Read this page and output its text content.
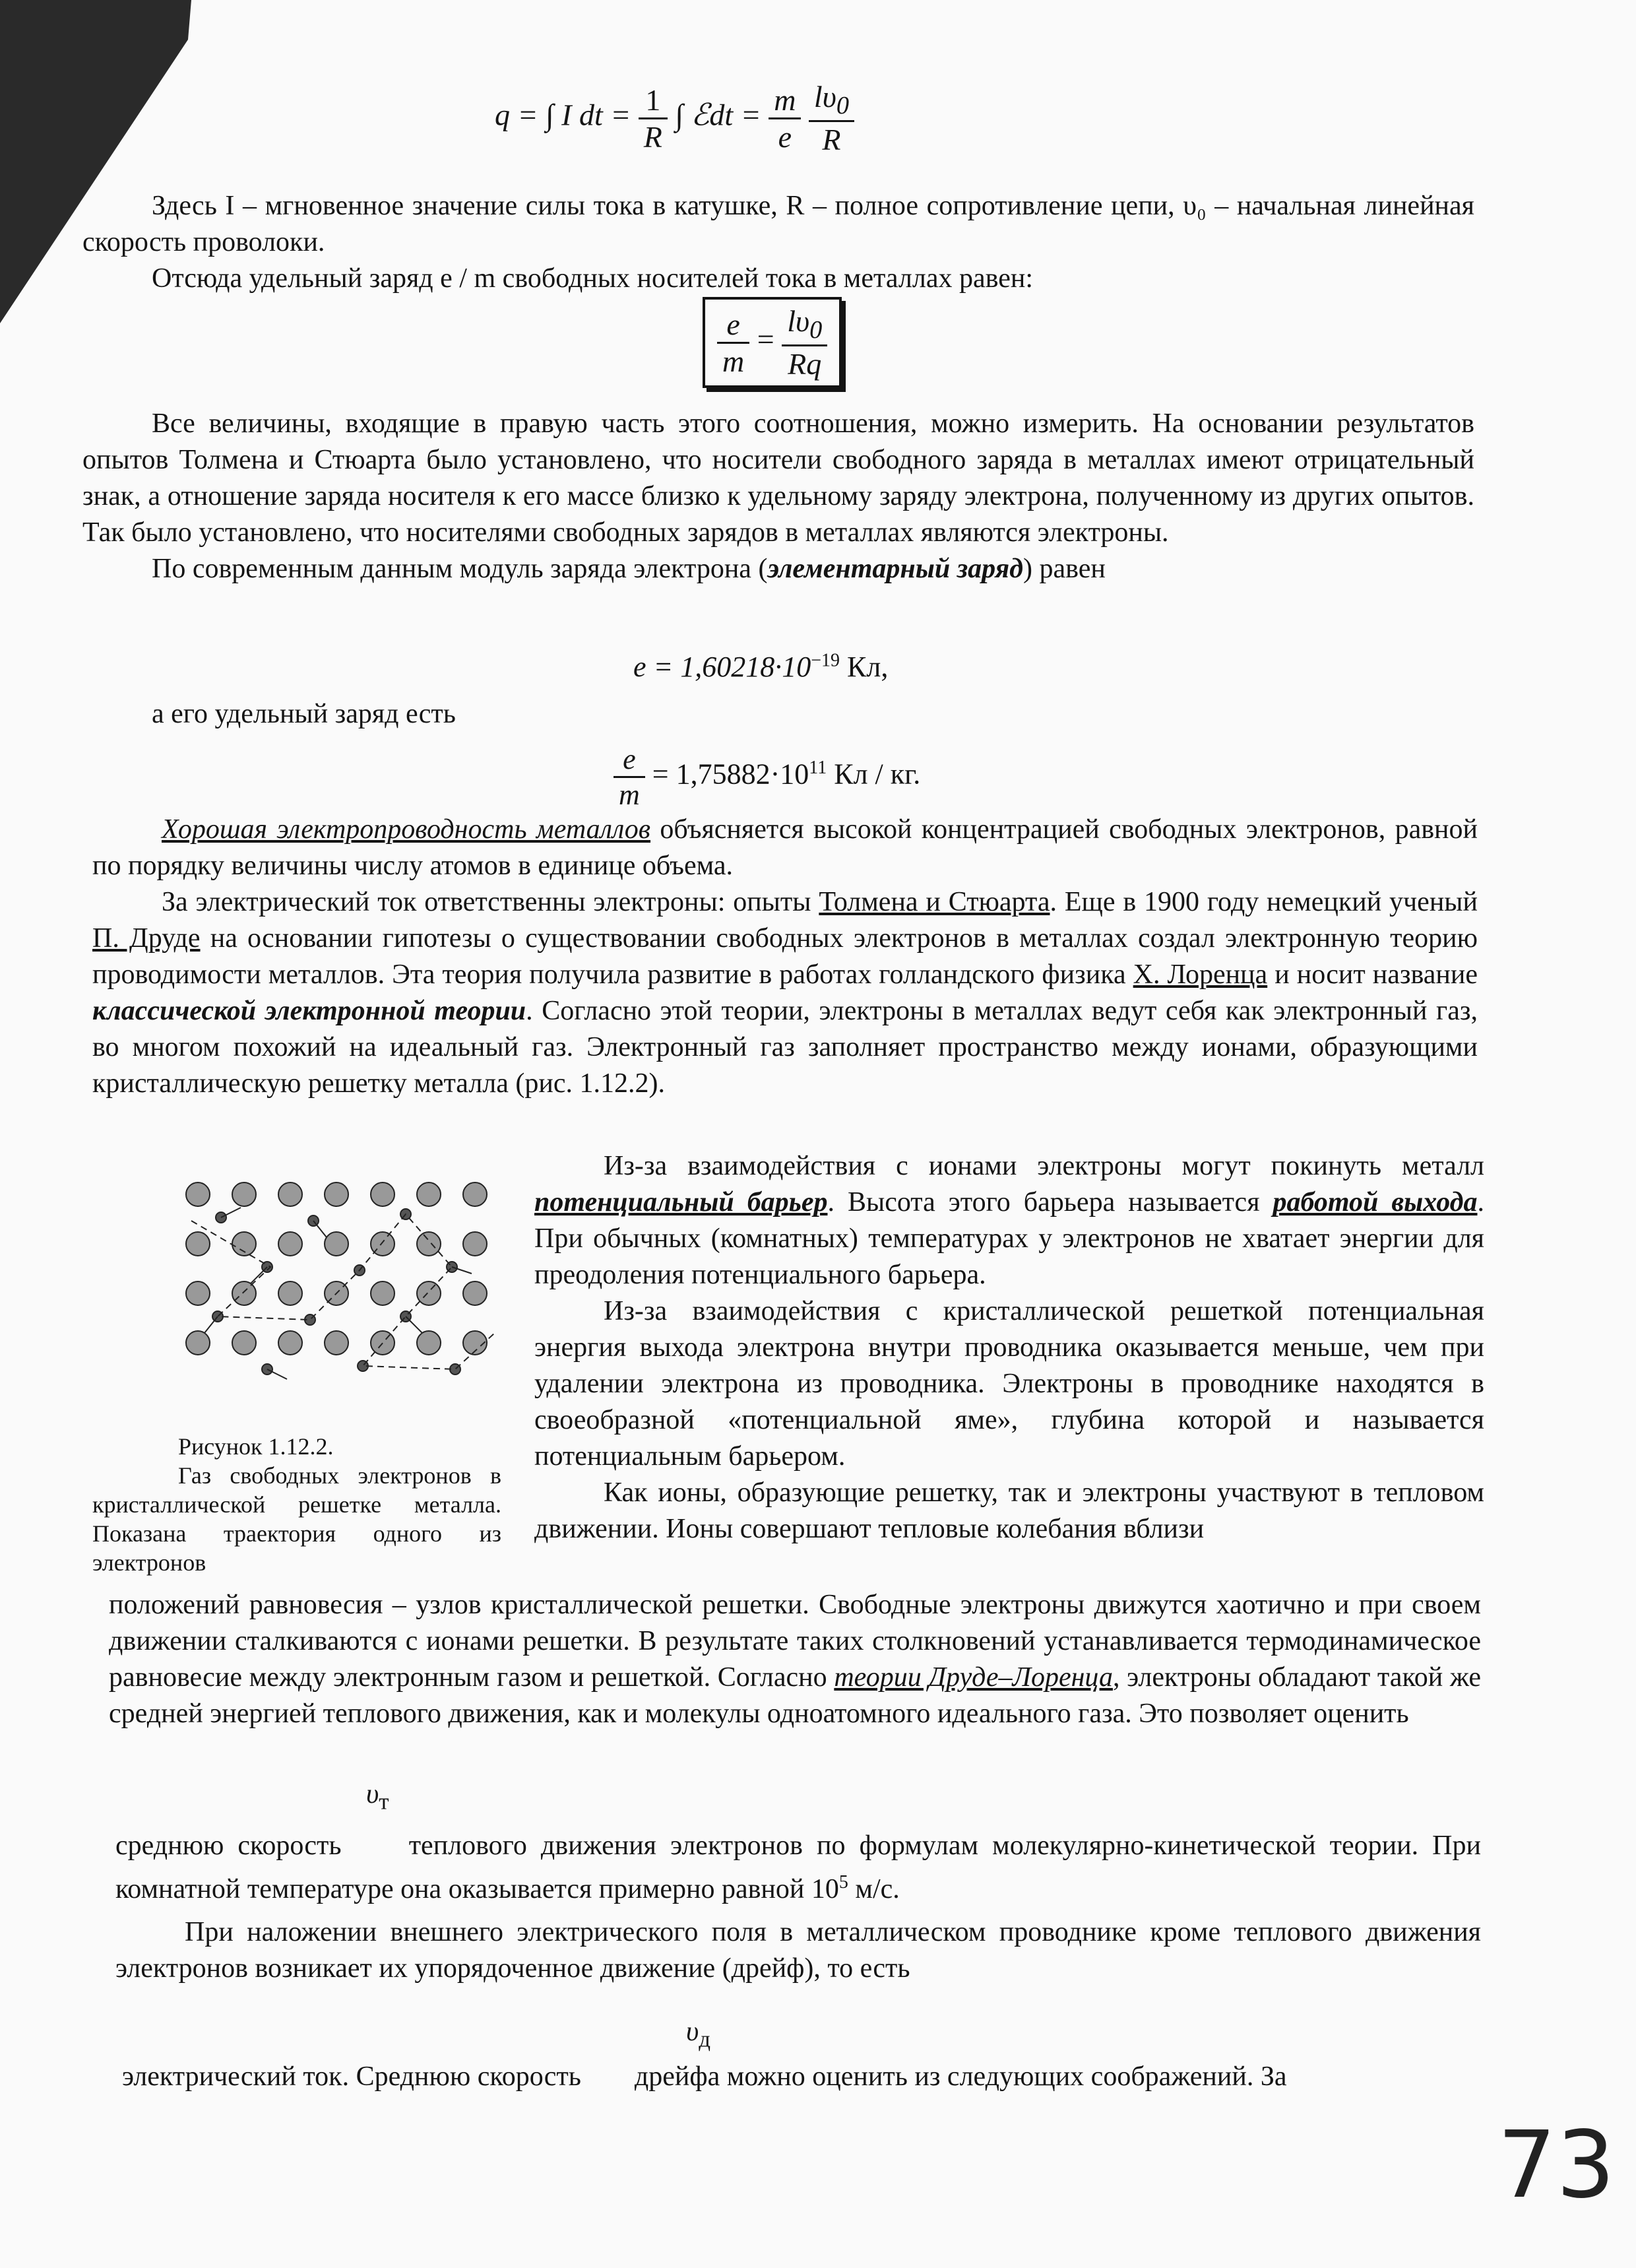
q = ∫ I dt = $\frac{1}{R}$ ∫ ℰdt = $\frac{m}{e}$
$\frac{l\upsilon_0}{R}$

Здесь I – мгновенное значение силы тока в катушке, R – полное сопротивление цепи, υ₀ – начальная линейная скорость проволоки.

Отсюда удельный заряд e / m свободных носителей тока в металлах равен:

$\frac{e}{m} = \frac{l\upsilon_0}{Rq}$

Все величины, входящие в правую часть этого соотношения, можно измерить. На основании результатов опытов Толмена и Стюарта было установлено, что носители свободного заряда в металлах имеют отрицательный знак, а отношение заряда носителя к его массе близко к удельному заряду электрона, полученному из других опытов. Так было установлено, что носителями свободных зарядов в металлах являются электроны.

По современным данным модуль заряда электрона (элементарный заряд) равен

$e = 1,60218\cdot 10^{-19}$ Кл,

а его удельный заряд есть

$\frac{e}{m} = 1,75882\cdot 10^{11}$ Кл / кг.

Хорошая электропроводность металлов объясняется высокой концентрацией свободных электронов, равной по порядку величины числу атомов в единице объема.

За электрический ток ответственны электроны: опыты Толмена и Стюарта. Еще в 1900 году немецкий ученый П. Друде на основании гипотезы о существовании свободных электронов в металлах создал электронную теорию проводимости металлов. Эта теория получила развитие в работах голландского физика Х. Лоренца и носит название классической электронной теории. Согласно этой теории, электроны в металлах ведут себя как электронный газ, во многом похожий на идеальный газ. Электронный газ заполняет пространство между ионами, образующими кристаллическую решетку металла (рис. 1.12.2).

Рисунок 1.12.2.
Газ свободных электронов в кристаллической решетке металла. Показана траектория одного из электронов

Из-за взаимодействия с ионами электроны могут покинуть металл потенциальный барьер. Высота этого барьера называется работой выхода. При обычных (комнатных) температурах у электронов не хватает энергии для преодоления потенциального барьера.

Из-за взаимодействия с кристаллической решеткой потенциальная энергия выхода электрона внутри проводника оказывается меньше, чем при удалении электрона из проводника. Электроны в проводнике находятся в своеобразной «потенциальной яме», глубина которой и называется потенциальным барьером.

Как ионы, образующие решетку, так и электроны участвуют в тепловом движении. Ионы совершают тепловые колебания вблизи

положений равновесия – узлов кристаллической решетки. Свободные электроны движутся хаотично и при своем движении сталкиваются с ионами решетки. В результате таких столкновений устанавливается термодинамическое равновесие между электронным газом и решеткой. Согласно теории Друде–Лоренца, электроны обладают такой же средней энергией теплового движения, как и молекулы одноатомного идеального газа. Это позволяет оценить

$\upsilon_т$

среднюю скорость  теплового движения электронов по формулам молекулярно-кинетической теории. При комнатной температуре она оказывается примерно равной $10^5$ м/с.

При наложении внешнего электрического поля в металлическом проводнике кроме теплового движения электронов возникает их упорядоченное движение (дрейф), то есть

$\upsilon_д$

электрический ток. Среднюю скорость  дрейфа можно оценить из следующих соображений. За

73
